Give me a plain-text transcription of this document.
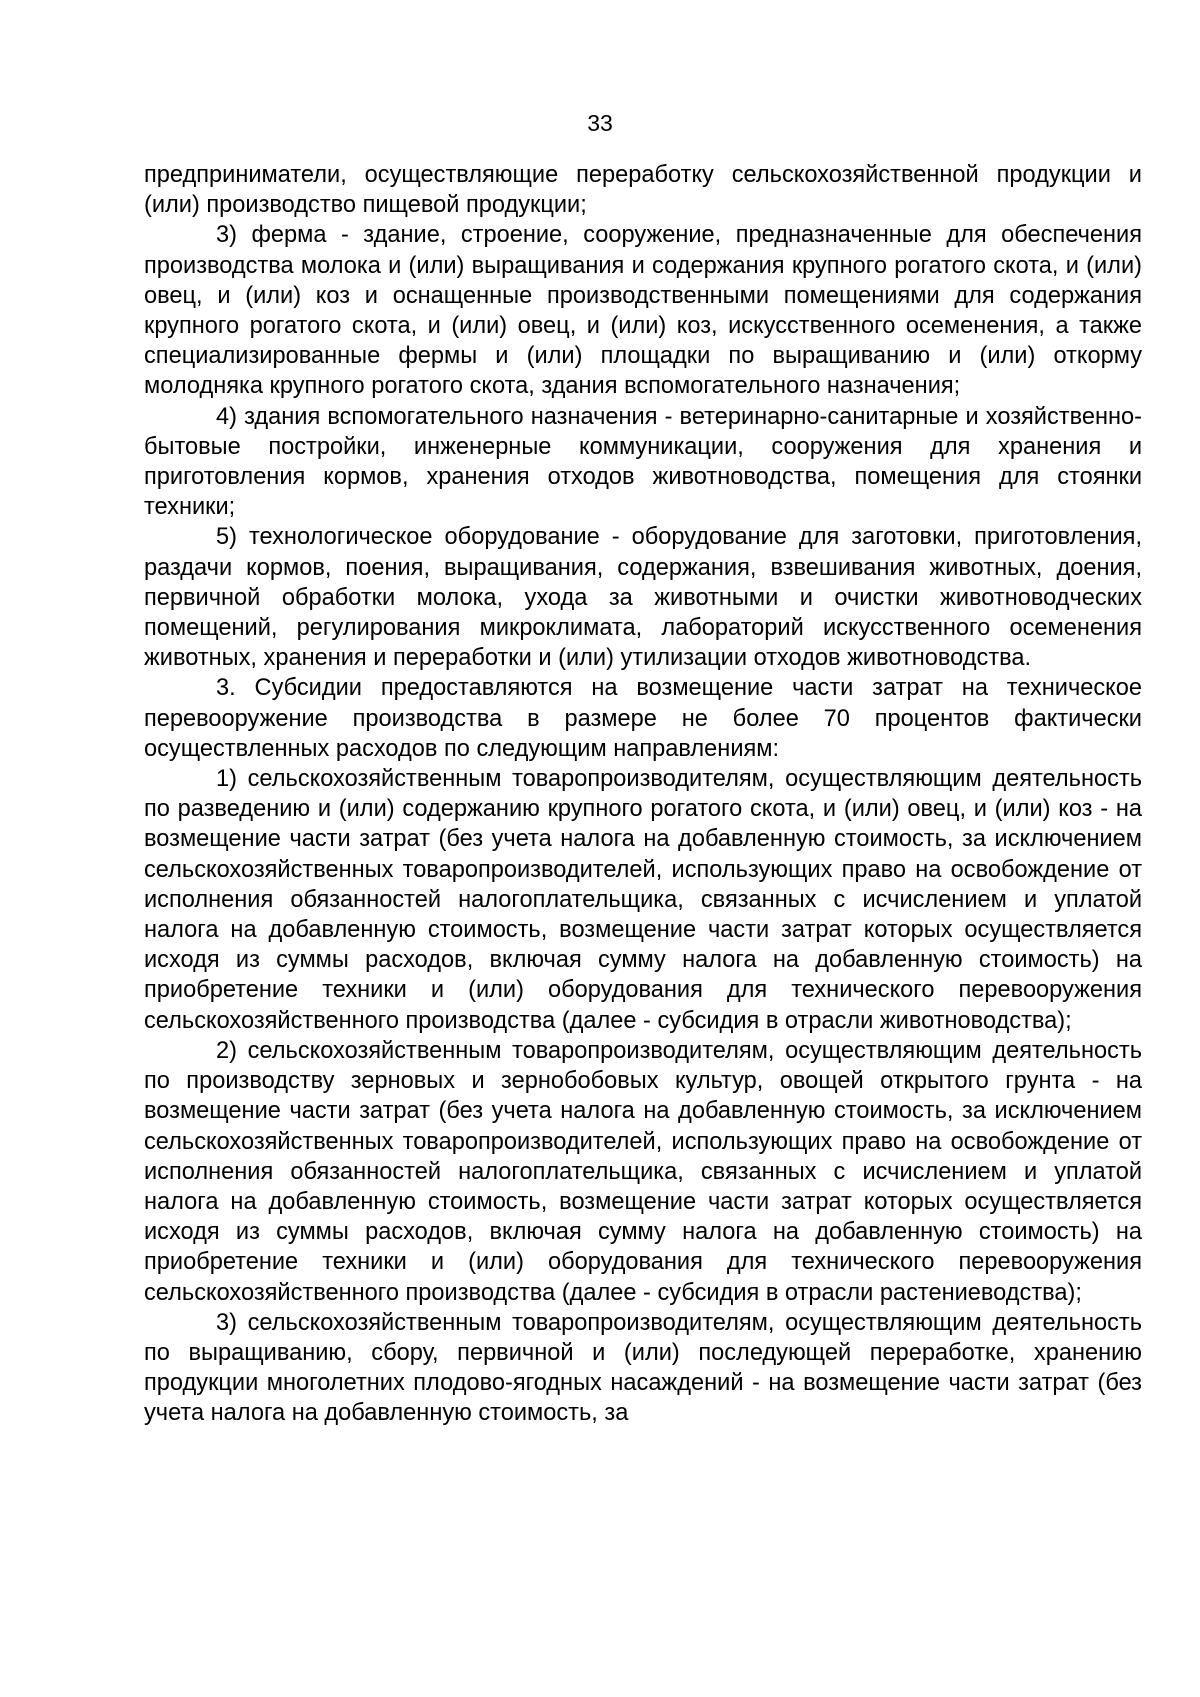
33

предприниматели, осуществляющие переработку сельскохозяйственной продукции и (или) производство пищевой продукции;

3) ферма - здание, строение, сооружение, предназначенные для обеспечения производства молока и (или) выращивания и содержания крупного рогатого скота, и (или) овец, и (или) коз и оснащенные производственными помещениями для содержания крупного рогатого скота, и (или) овец, и (или) коз, искусственного осеменения, а также специализированные фермы и (или) площадки по выращиванию и (или) откорму молодняка крупного рогатого скота, здания вспомогательного назначения;

4) здания вспомогательного назначения - ветеринарно-санитарные и хозяйственно-бытовые постройки, инженерные коммуникации, сооружения для хранения и приготовления кормов, хранения отходов животноводства, помещения для стоянки техники;

5) технологическое оборудование - оборудование для заготовки, приготовления, раздачи кормов, поения, выращивания, содержания, взвешивания животных, доения, первичной обработки молока, ухода за животными и очистки животноводческих помещений, регулирования микроклимата, лабораторий искусственного осеменения животных, хранения и переработки и (или) утилизации отходов животноводства.

3. Субсидии предоставляются на возмещение части затрат на техническое перевооружение производства в размере не более 70 процентов фактически осуществленных расходов по следующим направлениям:

1) сельскохозяйственным товаропроизводителям, осуществляющим деятельность по разведению и (или) содержанию крупного рогатого скота, и (или) овец, и (или) коз - на возмещение части затрат (без учета налога на добавленную стоимость, за исключением сельскохозяйственных товаропроизводителей, использующих право на освобождение от исполнения обязанностей налогоплательщика, связанных с исчислением и уплатой налога на добавленную стоимость, возмещение части затрат которых осуществляется исходя из суммы расходов, включая сумму налога на добавленную стоимость) на приобретение техники и (или) оборудования для технического перевооружения сельскохозяйственного производства (далее - субсидия в отрасли животноводства);

2) сельскохозяйственным товаропроизводителям, осуществляющим деятельность по производству зерновых и зернобобовых культур, овощей открытого грунта - на возмещение части затрат (без учета налога на добавленную стоимость, за исключением сельскохозяйственных товаропроизводителей, использующих право на освобождение от исполнения обязанностей налогоплательщика, связанных с исчислением и уплатой налога на добавленную стоимость, возмещение части затрат которых осуществляется исходя из суммы расходов, включая сумму налога на добавленную стоимость) на приобретение техники и (или) оборудования для технического перевооружения сельскохозяйственного производства (далее - субсидия в отрасли растениеводства);

3) сельскохозяйственным товаропроизводителям, осуществляющим деятельность по выращиванию, сбору, первичной и (или) последующей переработке, хранению продукции многолетних плодово-ягодных насаждений - на возмещение части затрат (без учета налога на добавленную стоимость, за
